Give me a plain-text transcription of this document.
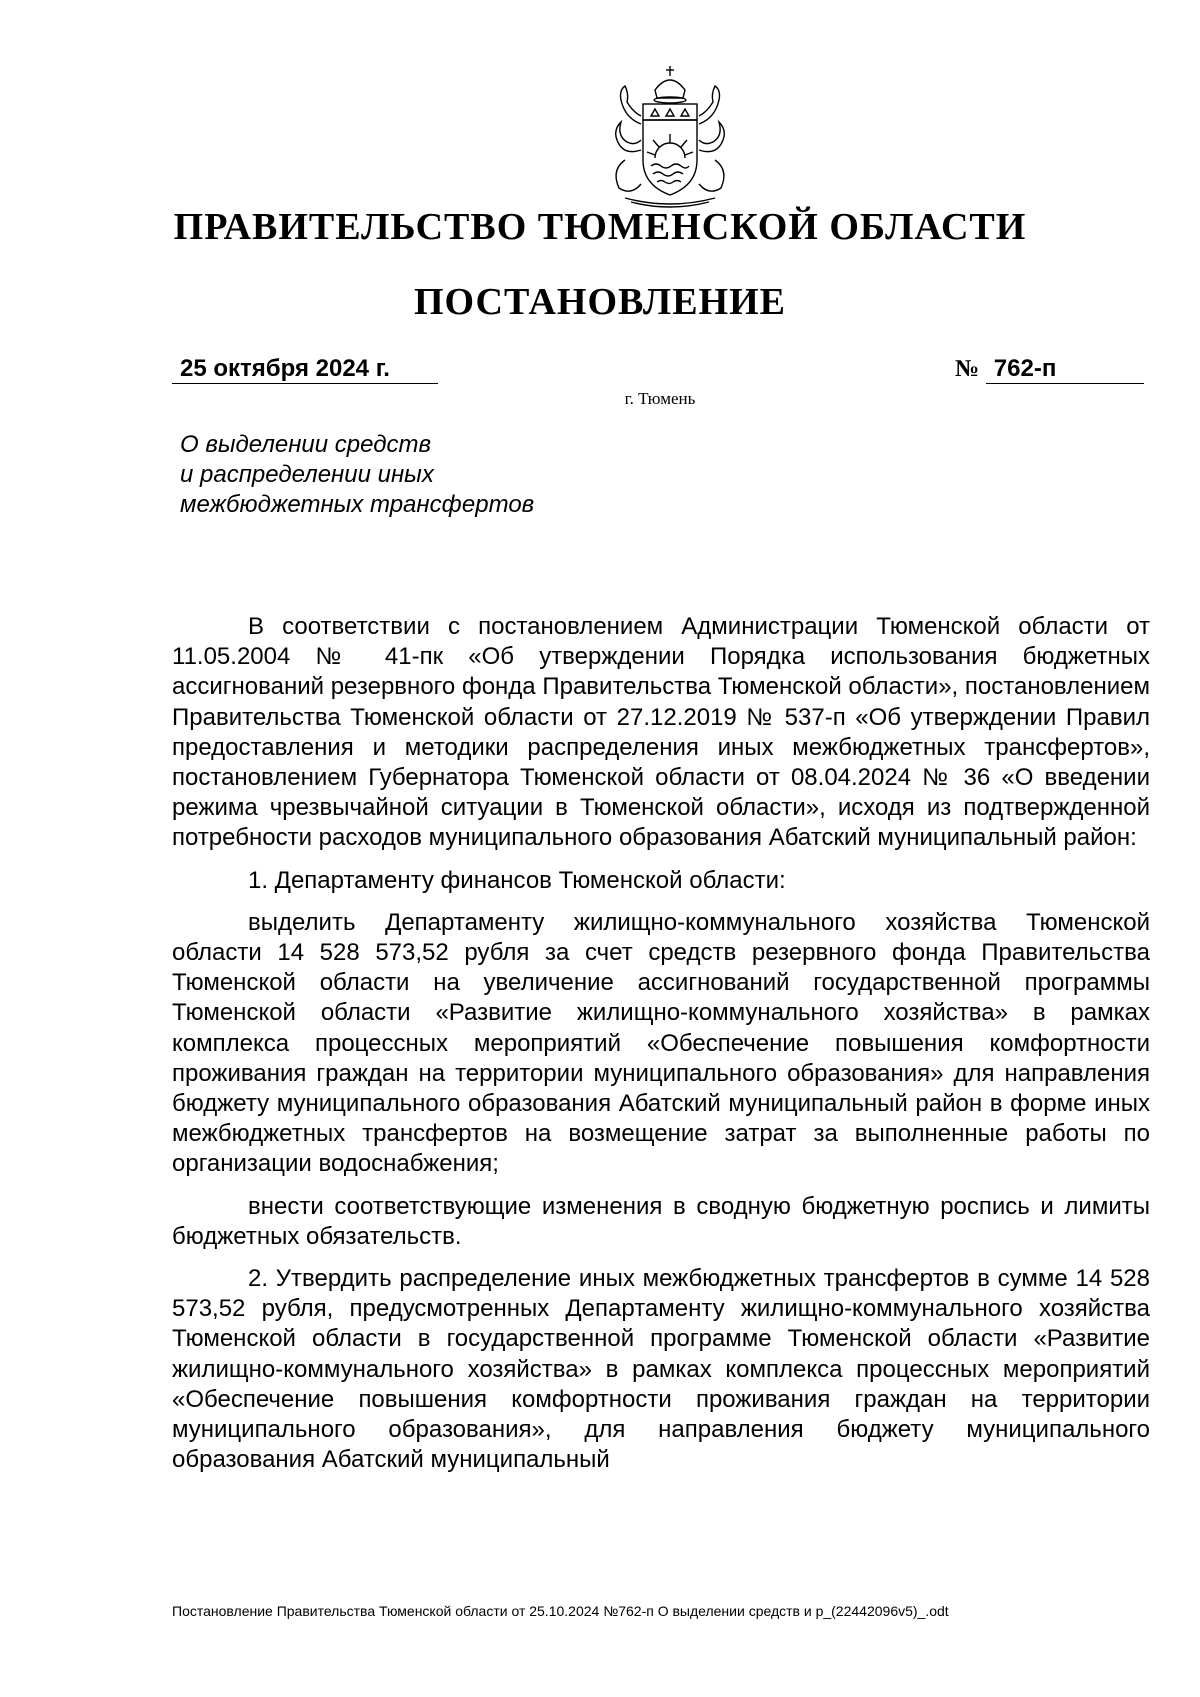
ПРАВИТЕЛЬСТВО ТЮМЕНСКОЙ ОБЛАСТИ
ПОСТАНОВЛЕНИЕ
25 октября 2024 г.	№ 762-п

г. Тюмень

О выделении средств
и распределении иных
межбюджетных трансфертов

В соответствии с постановлением Администрации Тюменской области от 11.05.2004 № 41-пк «Об утверждении Порядка использования бюджетных ассигнований резервного фонда Правительства Тюменской области», постановлением Правительства Тюменской области от 27.12.2019 № 537-п «Об утверждении Правил предоставления и методики распределения иных межбюджетных трансфертов», постановлением Губернатора Тюменской области от 08.04.2024 № 36 «О введении режима чрезвычайной ситуации в Тюменской области», исходя из подтвержденной потребности расходов муниципального образования Абатский муниципальный район:

1. Департаменту финансов Тюменской области:

выделить Департаменту жилищно-коммунального хозяйства Тюменской области 14 528 573,52 рубля за счет средств резервного фонда Правительства Тюменской области на увеличение ассигнований государственной программы Тюменской области «Развитие жилищно-коммунального хозяйства» в рамках комплекса процессных мероприятий «Обеспечение повышения комфортности проживания граждан на территории муниципального образования» для направления бюджету муниципального образования Абатский муниципальный район в форме иных межбюджетных трансфертов на возмещение затрат за выполненные работы по организации водоснабжения;

внести соответствующие изменения в сводную бюджетную роспись и лимиты бюджетных обязательств.

2. Утвердить распределение иных межбюджетных трансфертов в сумме 14 528 573,52 рубля, предусмотренных Департаменту жилищно-коммунального хозяйства Тюменской области в государственной программе Тюменской области «Развитие жилищно-коммунального хозяйства» в рамках комплекса процессных мероприятий «Обеспечение повышения комфортности проживания граждан на территории муниципального образования», для направления бюджету муниципального образования Абатский муниципальный

Постановление Правительства Тюменской области от 25.10.2024 №762-п О выделении средств и р_(22442096v5)_.odt
